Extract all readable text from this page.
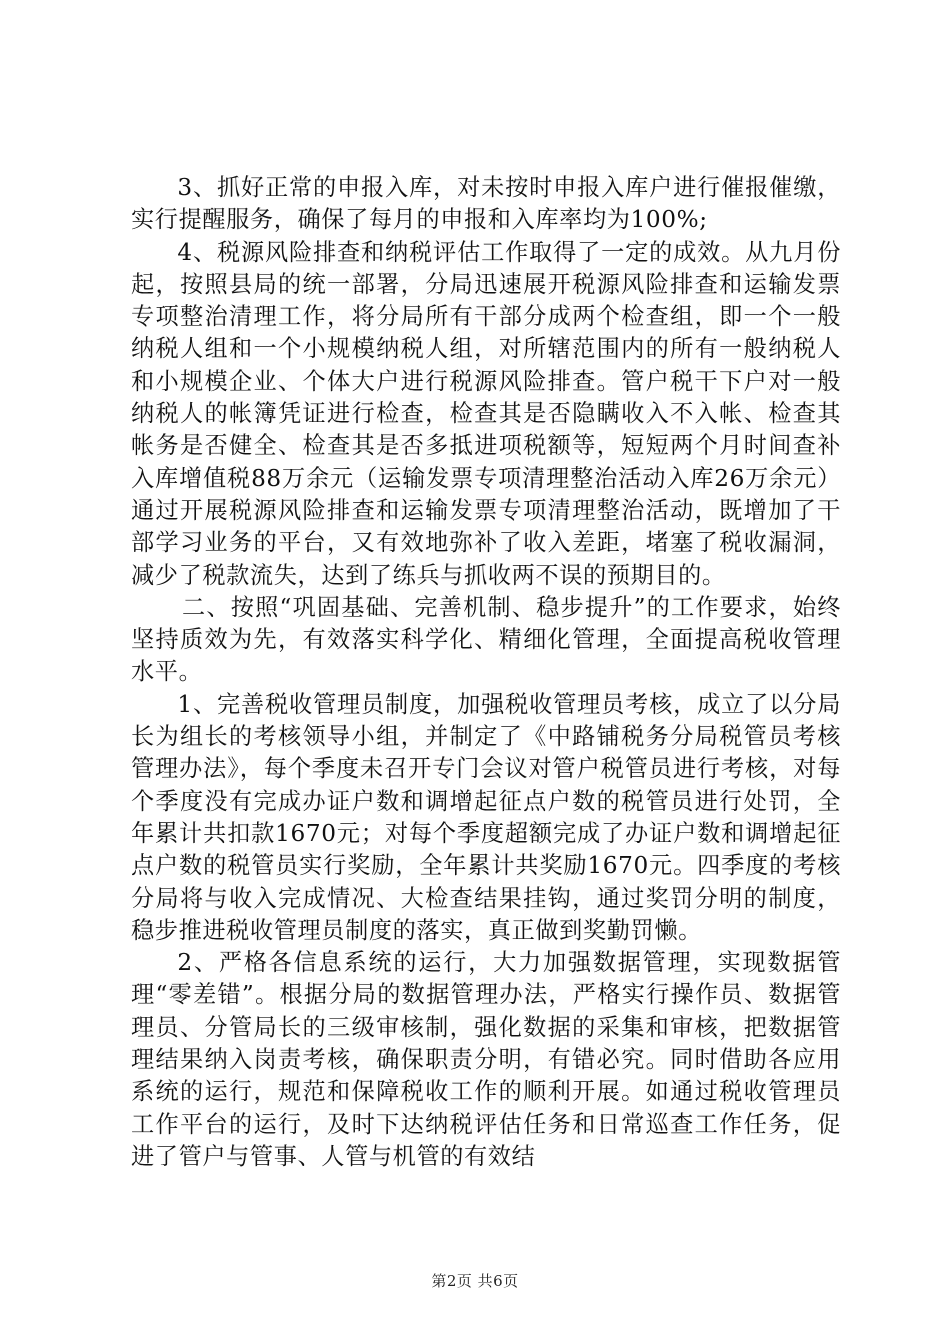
3、抓好正常的申报入库，对未按时申报入库户进行催报催缴，实行提醒服务，确保了每月的申报和入库率均为100%;

4、税源风险排查和纳税评估工作取得了一定的成效。从九月份起，按照县局的统一部署，分局迅速展开税源风险排查和运输发票专项整治清理工作，将分局所有干部分成两个检查组，即一个一般纳税人组和一个小规模纳税人组，对所辖范围内的所有一般纳税人和小规模企业、个体大户进行税源风险排查。管户税干下户对一般纳税人的帐簿凭证进行检查，检查其是否隐瞒收入不入帐、检查其帐务是否健全、检查其是否多抵进项税额等，短短两个月时间查补入库增值税88万余元（运输发票专项清理整治活动入库26万余元）通过开展税源风险排查和运输发票专项清理整治活动，既增加了干部学习业务的平台，又有效地弥补了收入差距，堵塞了税收漏洞，减少了税款流失，达到了练兵与抓收两不误的预期目的。

二、按照“巩固基础、完善机制、稳步提升”的工作要求，始终坚持质效为先，有效落实科学化、精细化管理，全面提高税收管理水平。

1、完善税收管理员制度，加强税收管理员考核，成立了以分局长为组长的考核领导小组，并制定了《中路铺税务分局税管员考核管理办法》，每个季度未召开专门会议对管户税管员进行考核，对每个季度没有完成办证户数和调增起征点户数的税管员进行处罚，全年累计共扣款1670元；对每个季度超额完成了办证户数和调增起征点户数的税管员实行奖励，全年累计共奖励1670元。四季度的考核分局将与收入完成情况、大检查结果挂钩，通过奖罚分明的制度，稳步推进税收管理员制度的落实，真正做到奖勤罚懒。

2、严格各信息系统的运行，大力加强数据管理，实现数据管理“零差错”。根据分局的数据管理办法，严格实行操作员、数据管理员、分管局长的三级审核制，强化数据的采集和审核，把数据管理结果纳入岗责考核，确保职责分明，有错必究。同时借助各应用系统的运行，规范和保障税收工作的顺利开展。如通过税收管理员工作平台的运行，及时下达纳税评估任务和日常巡查工作任务，促进了管户与管事、人管与机管的有效结

第2页 共6页
